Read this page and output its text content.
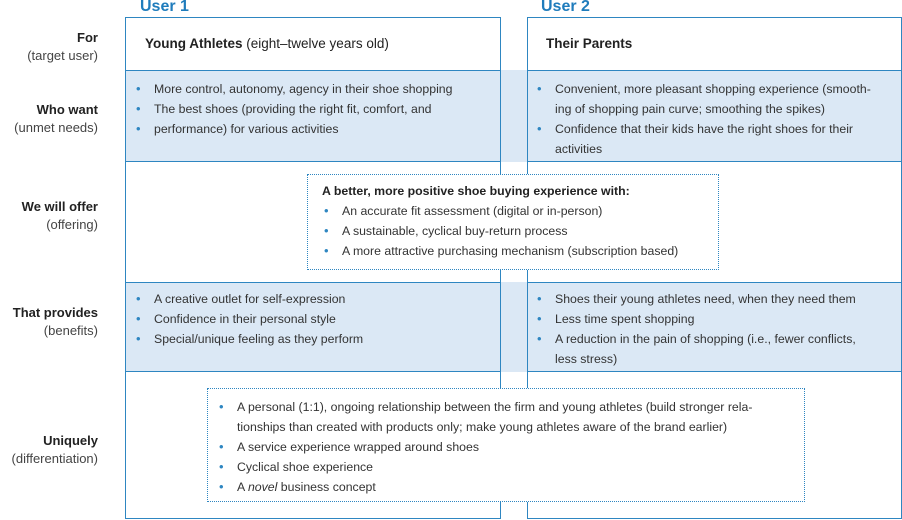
User 1	User 2
Young Athletes (eight–twelve years old)	Their Parents
• More control, autonomy, agency in their shoe shopping
• The best shoes (providing the right fit, comfort, and
• performance) for various activities
• Convenient, more pleasant shopping experience (smooth-
ing of shopping pain curve; smoothing the spikes)
• Confidence that their kids have the right shoes for their
activities
• A creative outlet for self-expression
• Confidence in their personal style
• Special/unique feeling as they perform
• Shoes their young athletes need, when they need them
• Less time spent shopping
• A reduction in the pain of shopping (i.e., fewer conflicts,
less stress)
A better, more positive shoe buying experience with:
• An accurate fit assessment (digital or in-person)
• A sustainable, cyclical buy-return process
• A more attractive purchasing mechanism (subscription based)
• A personal (1:1), ongoing relationship between the firm and young athletes (build stronger rela-
tionships than created with products only; make young athletes aware of the brand earlier)
• A service experience wrapped around shoes
• Cyclical shoe experience
• A novel business concept
For
(target user)
Who want
(unmet needs)
We will offer
(offering)
That provides
(benefits)
Uniquely
(differentiation)
